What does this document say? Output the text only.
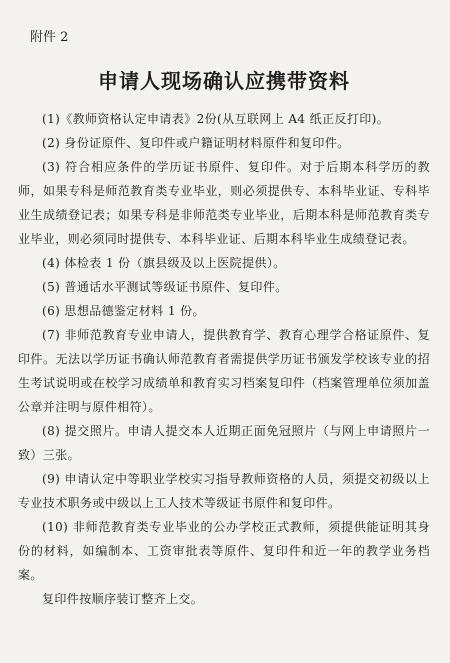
附件 2
申请人现场确认应携带资料

(1)《教师资格认定申请表》2份(从互联网上 A4 纸正反打印)。

(2) 身份证原件、复印件或户籍证明材料原件和复印件。

(3) 符合相应条件的学历证书原件、复印件。对于后期本科学历的教师，如果专科是师范教育类专业毕业，则必须提供专、本科毕业证、专科毕业生成绩登记表；如果专科是非师范类专业毕业，后期本科是师范教育类专业毕业，则必须同时提供专、本科毕业证、后期本科毕业生成绩登记表。

(4) 体检表 1 份（旗县级及以上医院提供）。

(5) 普通话水平测试等级证书原件、复印件。

(6) 思想品德鉴定材料 1 份。

(7) 非师范教育专业申请人，提供教育学、教育心理学合格证原件、复印件。无法以学历证书确认师范教育者需提供学历证书颁发学校该专业的招生考试说明或在校学习成绩单和教育实习档案复印件（档案管理单位须加盖公章并注明与原件相符）。

(8) 提交照片。申请人提交本人近期正面免冠照片（与网上申请照片一致）三张。

(9) 申请认定中等职业学校实习指导教师资格的人员，须提交初级以上专业技术职务或中级以上工人技术等级证书原件和复印件。

(10) 非师范教育类专业毕业的公办学校正式教师，须提供能证明其身份的材料，如编制本、工资审批表等原件、复印件和近一年的教学业务档案。

复印件按顺序装订整齐上交。
